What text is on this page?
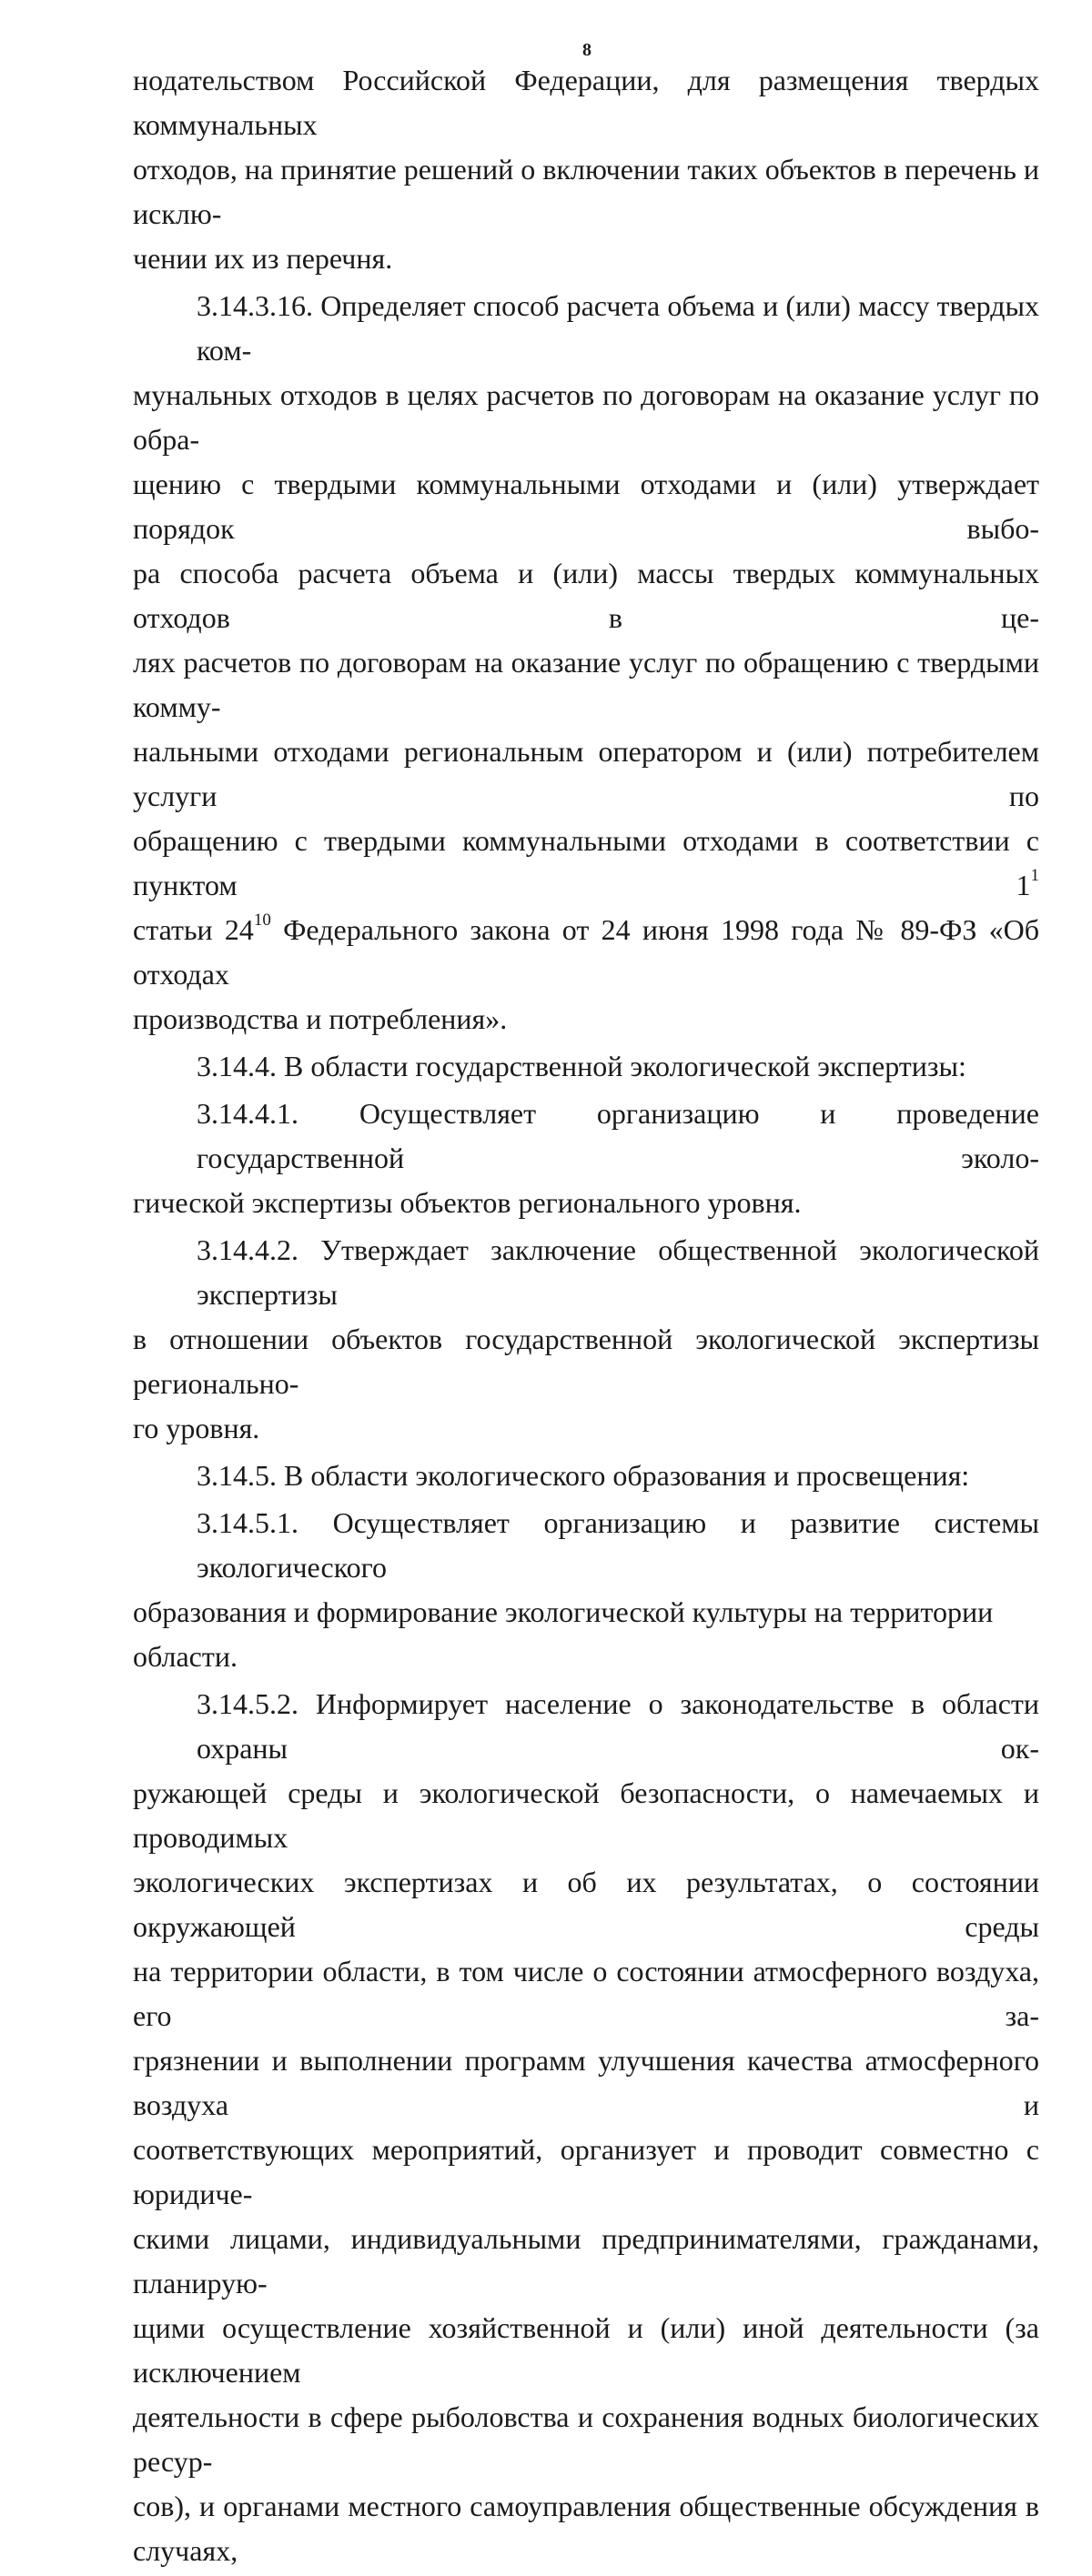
8
нодательством Российской Федерации, для размещения твердых коммунальных
отходов, на принятие решений о включении таких объектов в перечень и исклю-
чении их из перечня.
3.14.3.16. Определяет способ расчета объема и (или) массу твердых ком-
мунальных отходов в целях расчетов по договорам на оказание услуг по обра-
щению с твердыми коммунальными отходами и (или) утверждает порядок выбо-
ра способа расчета объема и (или) массы твердых коммунальных отходов в це-
лях расчетов по договорам на оказание услуг по обращению с твердыми комму-
нальными отходами региональным оператором и (или) потребителем услуги по
обращению с твердыми коммунальными отходами в соответствии с пунктом $1^1$
статьи $24^{10}$ Федерального закона от 24 июня 1998 года № 89-ФЗ «Об отходах
производства и потребления».
3.14.4. В области государственной экологической экспертизы:
3.14.4.1. Осуществляет организацию и проведение государственной эколо-
гической экспертизы объектов регионального уровня.
3.14.4.2. Утверждает заключение общественной экологической экспертизы
в отношении объектов государственной экологической экспертизы регионально-
го уровня.
3.14.5. В области экологического образования и просвещения:
3.14.5.1. Осуществляет организацию и развитие системы экологического
образования и формирование экологической культуры на территории области.
3.14.5.2. Информирует население о законодательстве в области охраны ок-
ружающей среды и экологической безопасности, о намечаемых и проводимых
экологических экспертизах и об их результатах, о состоянии окружающей среды
на территории области, в том числе о состоянии атмосферного воздуха, его за-
грязнении и выполнении программ улучшения качества атмосферного воздуха и
соответствующих мероприятий, организует и проводит совместно с юридиче-
скими лицами, индивидуальными предпринимателями, гражданами, планирую-
щими осуществление хозяйственной и (или) иной деятельности (за исключением
деятельности в сфере рыболовства и сохранения водных биологических ресур-
сов), и органами местного самоуправления общественные обсуждения в случаях,
